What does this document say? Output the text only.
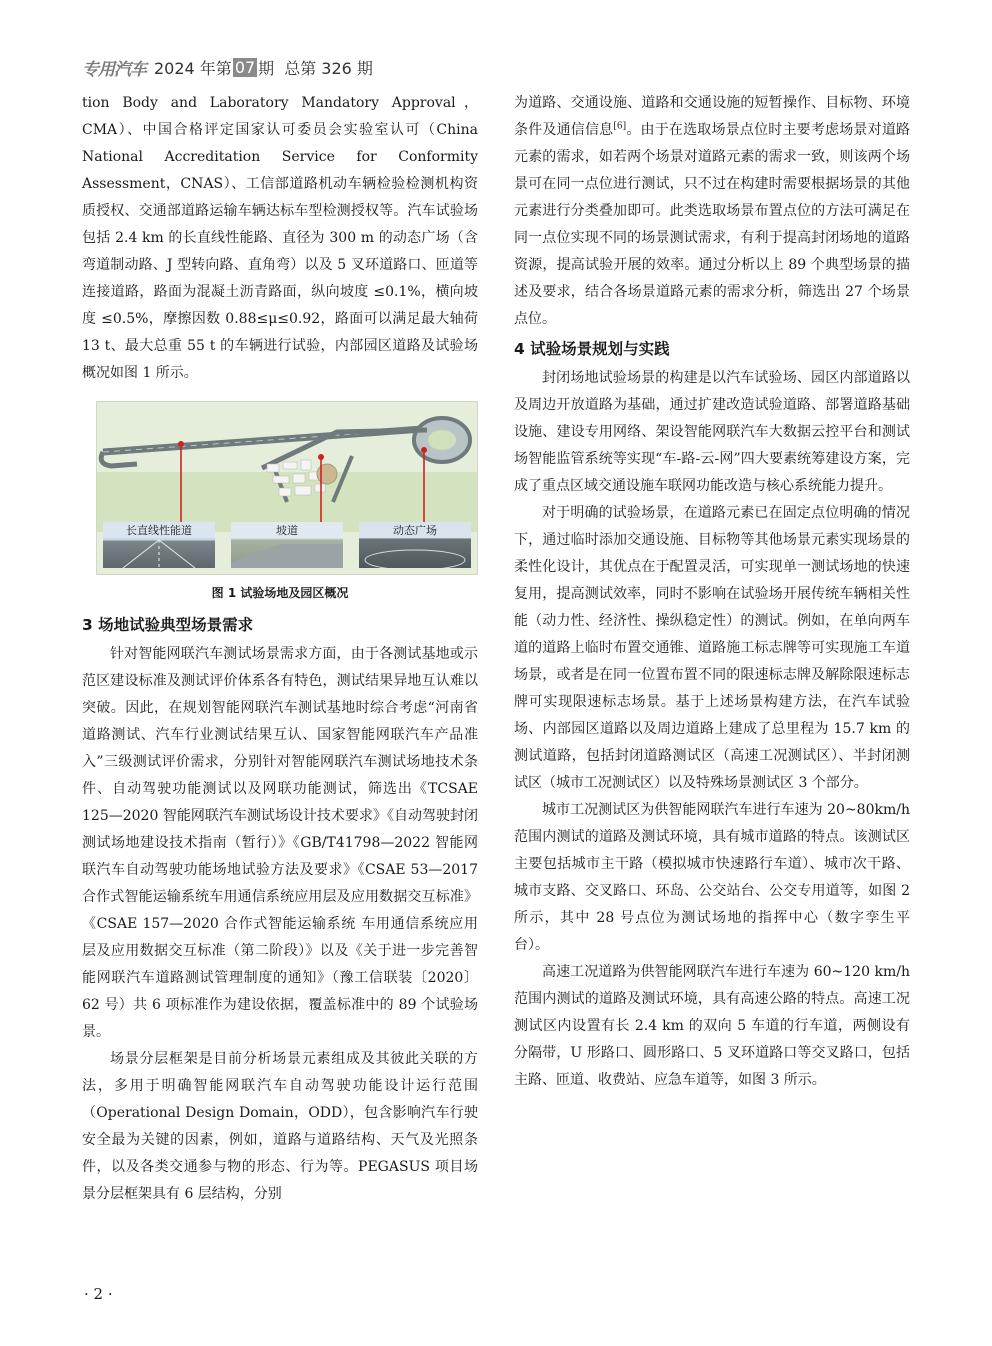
专用汽车 2024 年第 07 期 总第 326 期

tion Body and Laboratory Mandatory Approval，CMA）、中国合格评定国家认可委员会实验室认可（China National Accreditation Service for Conformity Assessment，CNAS）、工信部道路机动车辆检验检测机构资质授权、交通部道路运输车辆达标车型检测授权等。汽车试验场包括 2.4 km 的长直线性能路、直径为 300 m 的动态广场（含弯道制动路、J 型转向路、直角弯）以及 5 叉环道路口、匝道等连接道路，路面为混凝土沥青路面，纵向坡度 ≤0.1%，横向坡度 ≤0.5%，摩擦因数 0.88≤μ≤0.92，路面可以满足最大轴荷 13 t、最大总重 55 t 的车辆进行试验，内部园区道路及试验场概况如图 1 所示。

长直线性能道	坡道	动态广场
图 1 试验场地及园区概况
3 场地试验典型场景需求

针对智能网联汽车测试场景需求方面，由于各测试基地或示范区建设标准及测试评价体系各有特色，测试结果异地互认难以突破。因此，在规划智能网联汽车测试基地时综合考虑“河南省道路测试、汽车行业测试结果互认、国家智能网联汽车产品准入”三级测试评价需求，分别针对智能网联汽车测试场地技术条件、自动驾驶功能测试以及网联功能测试，筛选出《TCSAE 125—2020 智能网联汽车测试场设计技术要求》《自动驾驶封闭测试场地建设技术指南（暂行）》《GB/T41798—2022 智能网联汽车自动驾驶功能场地试验方法及要求》《CSAE 53—2017 合作式智能运输系统车用通信系统应用层及应用数据交互标准》《CSAE 157—2020 合作式智能运输系统 车用通信系统应用层及应用数据交互标准（第二阶段）》以及《关于进一步完善智能网联汽车道路测试管理制度的通知》（豫工信联装〔2020〕62 号）共 6 项标准作为建设依据，覆盖标准中的 89 个试验场景。

场景分层框架是目前分析场景元素组成及其彼此关联的方法，多用于明确智能网联汽车自动驾驶功能设计运行范围（Operational Design Domain，ODD），包含影响汽车行驶安全最为关键的因素，例如，道路与道路结构、天气及光照条件，以及各类交通参与物的形态、行为等。PEGASUS 项目场景分层框架具有 6 层结构，分别

为道路、交通设施、道路和交通设施的短暂操作、目标物、环境条件及通信信息[6]。由于在选取场景点位时主要考虑场景对道路元素的需求，如若两个场景对道路元素的需求一致，则该两个场景可在同一点位进行测试，只不过在构建时需要根据场景的其他元素进行分类叠加即可。此类选取场景布置点位的方法可满足在同一点位实现不同的场景测试需求，有利于提高封闭场地的道路资源，提高试验开展的效率。通过分析以上 89 个典型场景的描述及要求，结合各场景道路元素的需求分析，筛选出 27 个场景点位。

4 试验场景规划与实践

封闭场地试验场景的构建是以汽车试验场、园区内部道路以及周边开放道路为基础，通过扩建改造试验道路、部署道路基础设施、建设专用网络、架设智能网联汽车大数据云控平台和测试场智能监管系统等实现“车-路-云-网”四大要素统筹建设方案，完成了重点区域交通设施车联网功能改造与核心系统能力提升。

对于明确的试验场景，在道路元素已在固定点位明确的情况下，通过临时添加交通设施、目标物等其他场景元素实现场景的柔性化设计，其优点在于配置灵活，可实现单一测试场地的快速复用，提高测试效率，同时不影响在试验场开展传统车辆相关性能（动力性、经济性、操纵稳定性）的测试。例如，在单向两车道的道路上临时布置交通锥、道路施工标志牌等可实现施工车道场景，或者是在同一位置布置不同的限速标志牌及解除限速标志牌可实现限速标志场景。基于上述场景构建方法，在汽车试验场、内部园区道路以及周边道路上建成了总里程为 15.7 km 的测试道路，包括封闭道路测试区（高速工况测试区）、半封闭测试区（城市工况测试区）以及特殊场景测试区 3 个部分。

城市工况测试区为供智能网联汽车进行车速为 20~80km/h 范围内测试的道路及测试环境，具有城市道路的特点。该测试区主要包括城市主干路（模拟城市快速路行车道）、城市次干路、城市支路、交叉路口、环岛、公交站台、公交专用道等，如图 2 所示，其中 28 号点位为测试场地的指挥中心（数字孪生平台）。

高速工况道路为供智能网联汽车进行车速为 60~120 km/h 范围内测试的道路及测试环境，具有高速公路的特点。高速工况测试区内设置有长 2.4 km 的双向 5 车道的行车道，两侧设有分隔带，U 形路口、圆形路口、5 叉环道路口等交叉路口，包括主路、匝道、收费站、应急车道等，如图 3 所示。

· 2 ·
